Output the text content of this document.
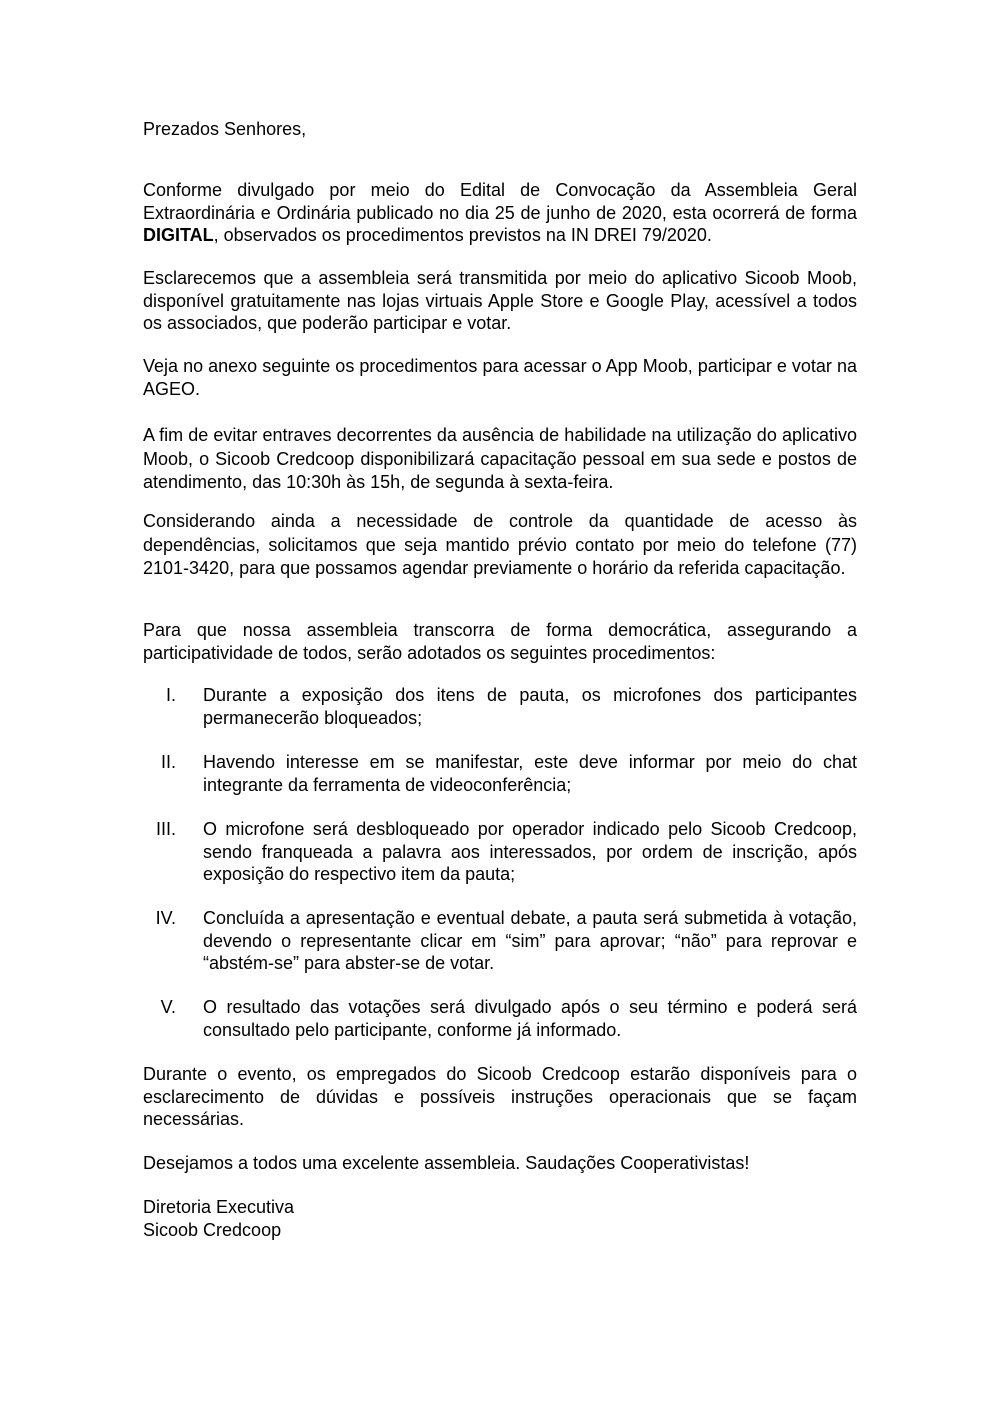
Prezados Senhores,

Conforme divulgado por meio do Edital de Convocação da Assembleia Geral Extraordinária e Ordinária publicado no dia 25 de junho de 2020, esta ocorrerá de forma DIGITAL, observados os procedimentos previstos na IN DREI 79/2020.

Esclarecemos que a assembleia será transmitida por meio do aplicativo Sicoob Moob, disponível gratuitamente nas lojas virtuais Apple Store e Google Play, acessível a todos os associados, que poderão participar e votar.

Veja no anexo seguinte os procedimentos para acessar o App Moob, participar e votar na AGEO.

A fim de evitar entraves decorrentes da ausência de habilidade na utilização do aplicativo Moob, o Sicoob Credcoop disponibilizará capacitação pessoal em sua sede e postos de atendimento, das 10:30h às 15h, de segunda à sexta-feira.

Considerando ainda a necessidade de controle da quantidade de acesso às dependências, solicitamos que seja mantido prévio contato por meio do telefone (77) 2101-3420, para que possamos agendar previamente o horário da referida capacitação.

Para que nossa assembleia transcorra de forma democrática, assegurando a participatividade de todos, serão adotados os seguintes procedimentos:

I. Durante a exposição dos itens de pauta, os microfones dos participantes permanecerão bloqueados;
II. Havendo interesse em se manifestar, este deve informar por meio do chat integrante da ferramenta de videoconferência;
III. O microfone será desbloqueado por operador indicado pelo Sicoob Credcoop, sendo franqueada a palavra aos interessados, por ordem de inscrição, após exposição do respectivo item da pauta;
IV. Concluída a apresentação e eventual debate, a pauta será submetida à votação, devendo o representante clicar em “sim” para aprovar; “não” para reprovar e “abstém-se” para abster-se de votar.
V. O resultado das votações será divulgado após o seu término e poderá será consultado pelo participante, conforme já informado.

Durante o evento, os empregados do Sicoob Credcoop estarão disponíveis para o esclarecimento de dúvidas e possíveis instruções operacionais que se façam necessárias.

Desejamos a todos uma excelente assembleia. Saudações Cooperativistas!

Diretoria Executiva

Sicoob Credcoop
